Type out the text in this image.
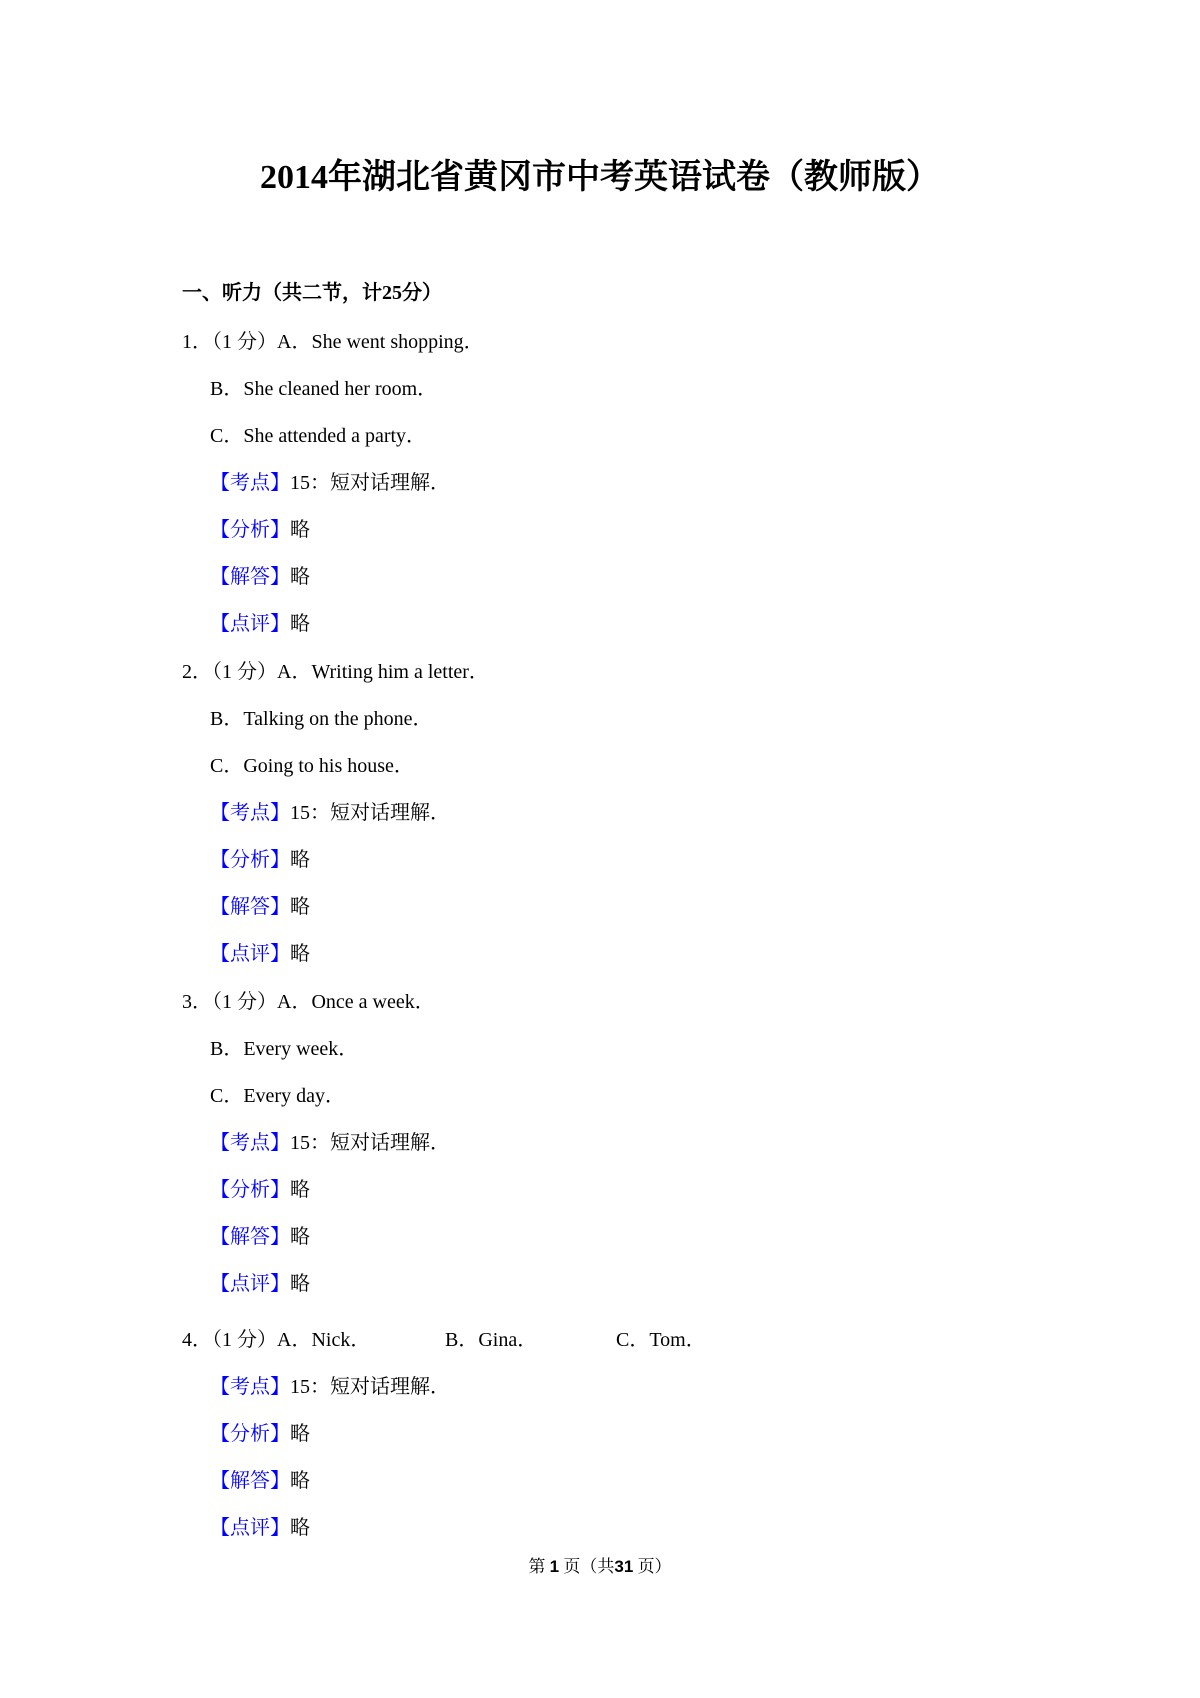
2014年湖北省黄冈市中考英语试卷（教师版）
一、听力（共二节，计25分）
1．（1 分）A．She went shopping．
B．She cleaned her room．
C．She attended a party．
【考点】15：短对话理解．
【分析】略
【解答】略
【点评】略
2．（1 分）A．Writing him a letter．
B．Talking on the phone．
C．Going to his house．
【考点】15：短对话理解．
【分析】略
【解答】略
【点评】略
3．（1 分）A．Once a week．
B．Every week．
C．Every day．
【考点】15：短对话理解．
【分析】略
【解答】略
【点评】略
4．（1 分）A．Nick．	B．Gina．	C．Tom．
【考点】15：短对话理解．
【分析】略
【解答】略
【点评】略
第 1 页（共31 页）
